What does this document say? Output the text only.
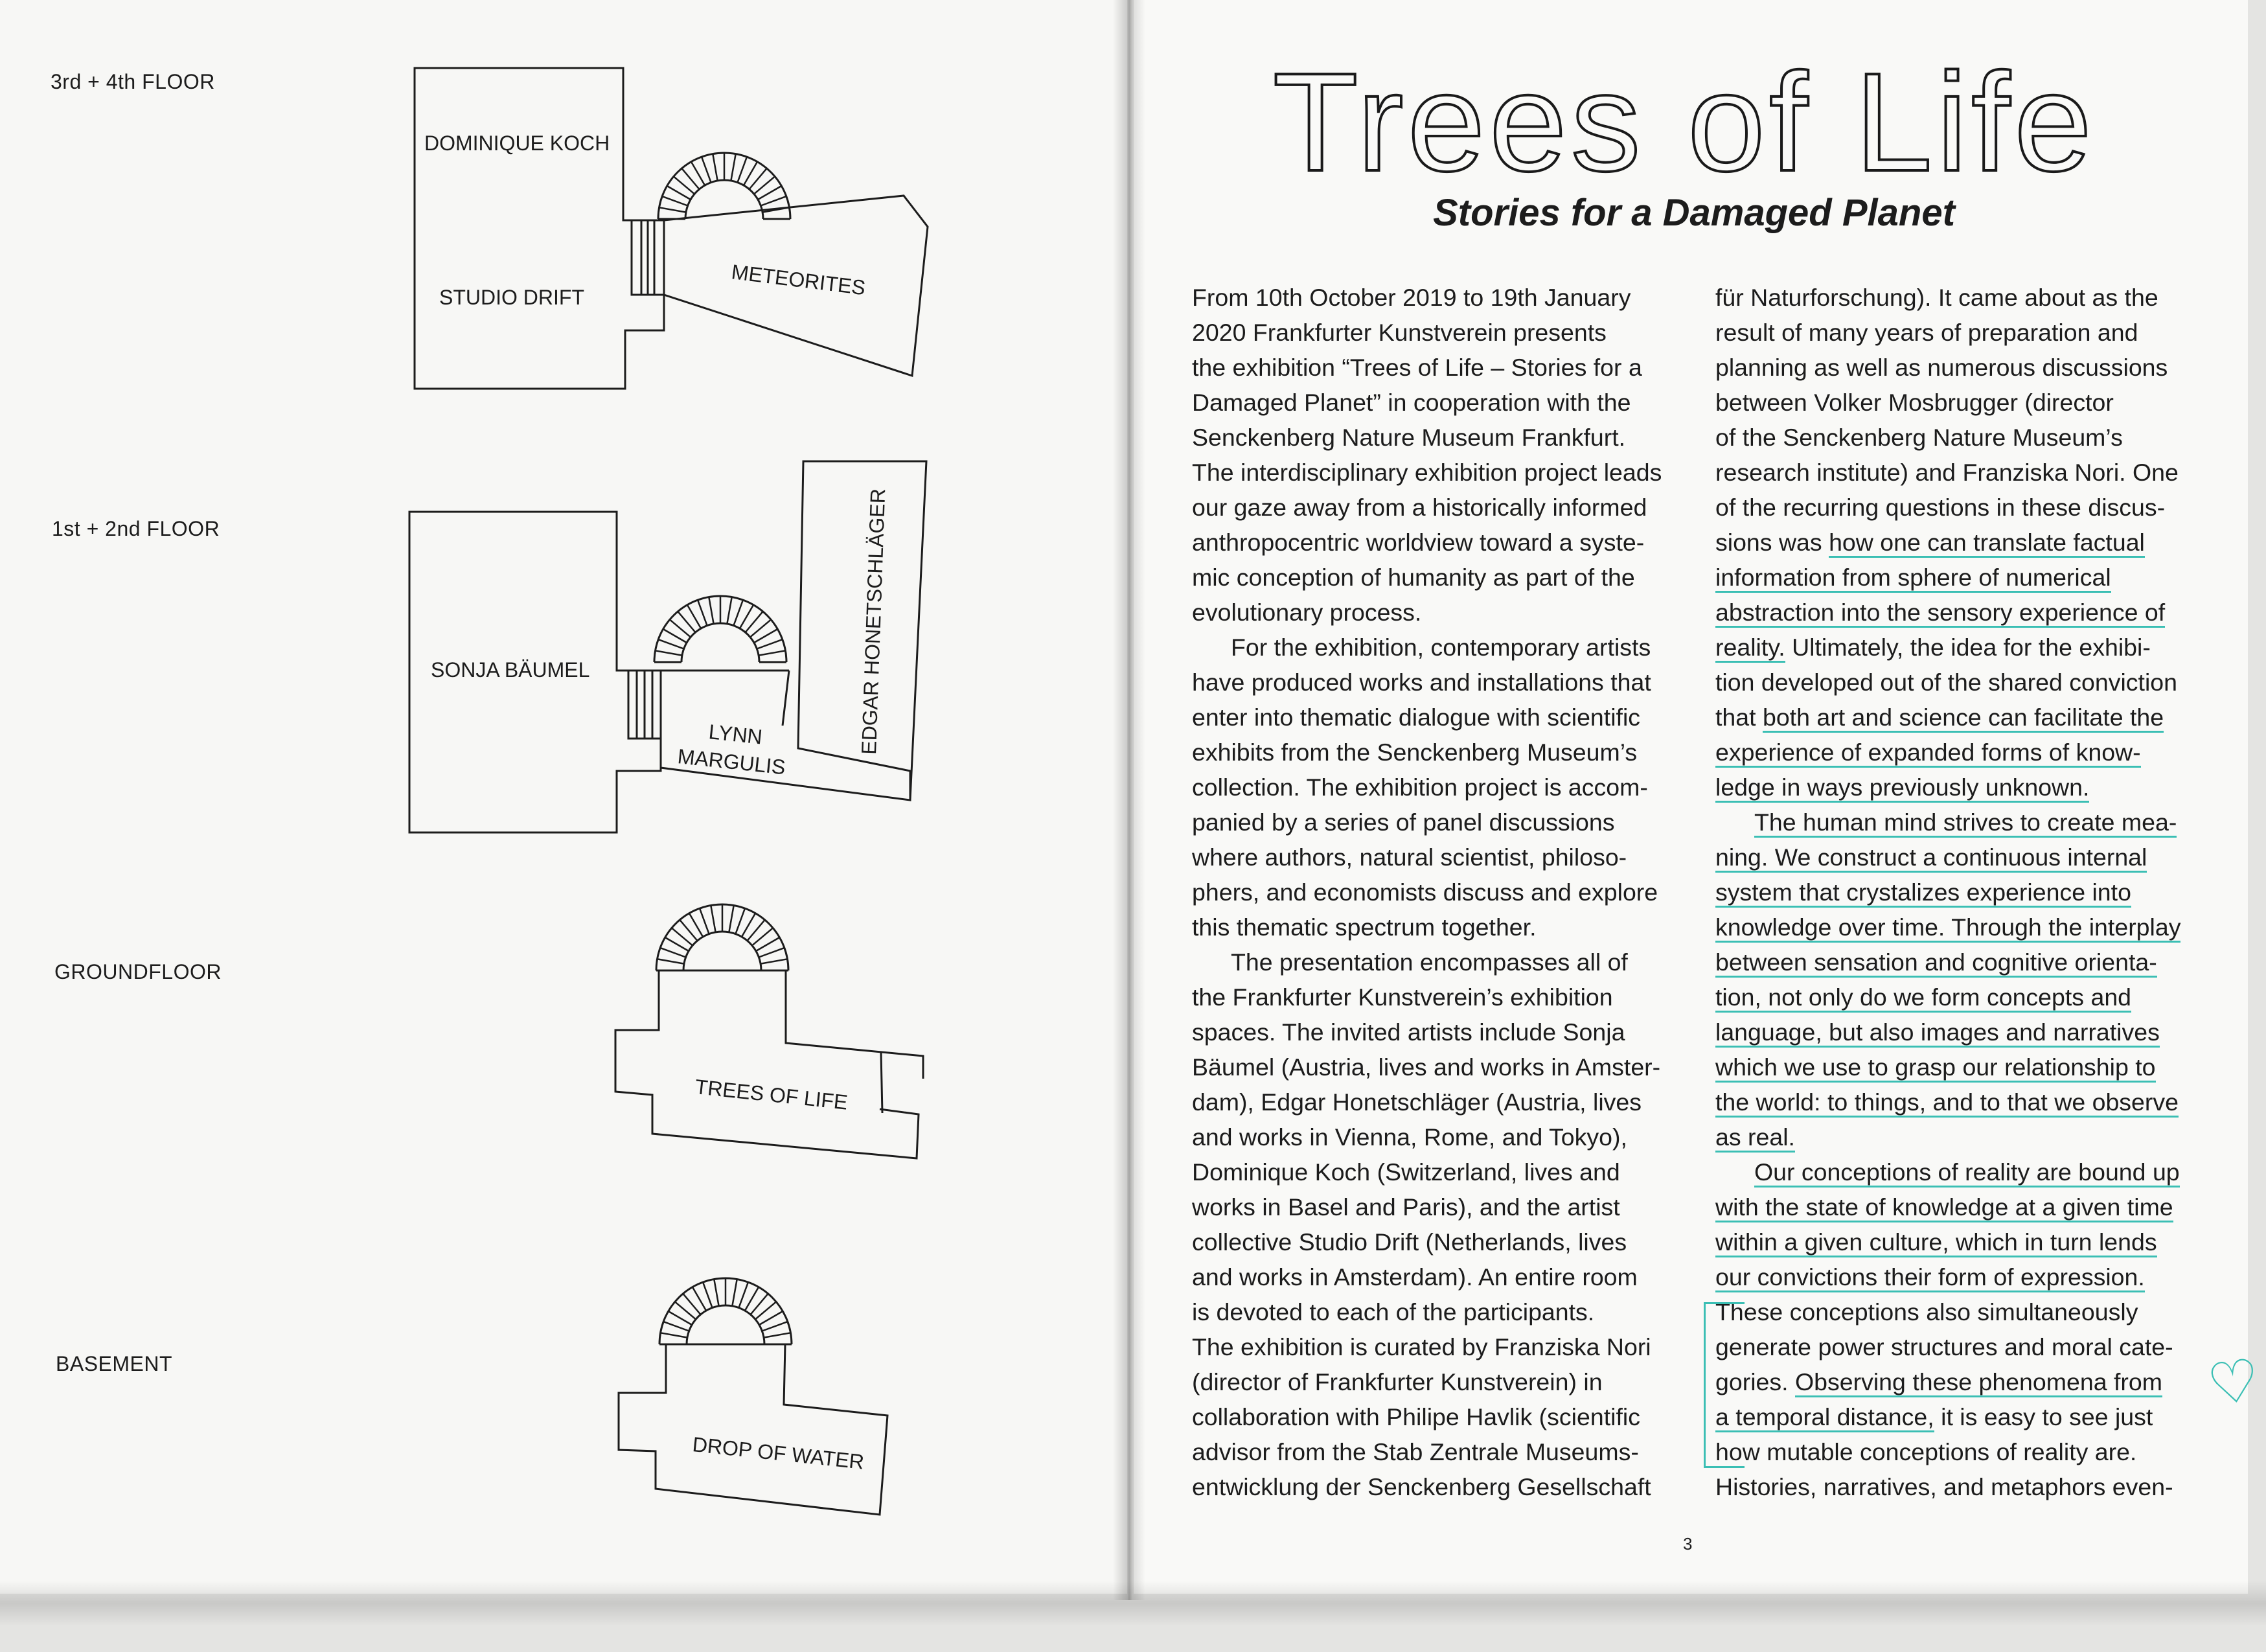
3rd + 4th FLOOR
1st + 2nd FLOOR
GROUNDFLOOR
BASEMENT
DOMINIQUE KOCH
STUDIO DRIFT	METEORITES
SONJA BÄUMEL
LYNN
MARGULIS
EDGAR HONETSCHLÄGER
TREES OF LIFE
DROP OF WATER
Trees of Life
Stories for a Damaged Planet
From 10th October 2019 to 19th January
2020 Frankfurter Kunstverein presents
the exhibition “Trees of Life – Stories for a
Damaged Planet” in cooperation with the
Senckenberg Nature Museum Frankfurt.
The interdisciplinary exhibition project leads
our gaze away from a historically informed
anthropocentric worldview toward a syste-
mic conception of humanity as part of the
evolutionary process.
For the exhibition, contemporary artists
have produced works and installations that
enter into thematic dialogue with scientific
exhibits from the Senckenberg Museum’s
collection. The exhibition project is accom-
panied by a series of panel discussions
where authors, natural scientist, philoso-
phers, and economists discuss and explore
this thematic spectrum together.
The presentation encompasses all of
the Frankfurter Kunstverein’s exhibition
spaces. The invited artists include Sonja
Bäumel (Austria, lives and works in Amster-
dam), Edgar Honetschläger (Austria, lives
and works in Vienna, Rome, and Tokyo),
Dominique Koch (Switzerland, lives and
works in Basel and Paris), and the artist
collective Studio Drift (Netherlands, lives
and works in Amsterdam). An entire room
is devoted to each of the participants.
The exhibition is curated by Franziska Nori
(director of Frankfurter Kunstverein) in
collaboration with Philipe Havlik (scientific
advisor from the Stab Zentrale Museums-
entwicklung der Senckenberg Gesellschaft
für Naturforschung). It came about as the
result of many years of preparation and
planning as well as numerous discussions
between Volker Mosbrugger (director
of the Senckenberg Nature Museum’s
research institute) and Franziska Nori. One
of the recurring questions in these discus-
sions was how one can translate factual
information from sphere of numerical
abstraction into the sensory experience of
reality. Ultimately, the idea for the exhibi-
tion developed out of the shared conviction
that both art and science can facilitate the
experience of expanded forms of know-
ledge in ways previously unknown.
The human mind strives to create mea-
ning. We construct a continuous internal
system that crystalizes experience into
knowledge over time. Through the interplay
between sensation and cognitive orienta-
tion, not only do we form concepts and
language, but also images and narratives
which we use to grasp our relationship to
the world: to things, and to that we observe
as real.
Our conceptions of reality are bound up
with the state of knowledge at a given time
within a given culture, which in turn lends
our convictions their form of expression.
These conceptions also simultaneously
generate power structures and moral cate-
gories. Observing these phenomena from
a temporal distance, it is easy to see just
how mutable conceptions of reality are.
Histories, narratives, and metaphors even-
♡
3
